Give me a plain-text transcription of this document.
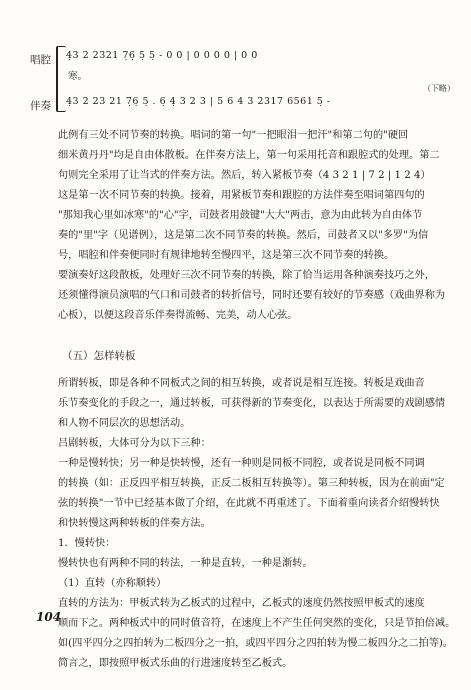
唱腔 4̣3 2 2321 7̣6̣ 5̣ 5̣ - 0 0 | 0 0 0 0 | 0 0
寒。
伴奏 4̣3 2 23 21 7̣6̣ 5̣ . 6̣ 4̣ 3 2 3 | 5 6 4 3 2317 6561 5̣ -
（下略）
此例有三处不同节奏的转换。唱词的第一句"一把眼泪一把汗"和第二句的"硬回
细米黄丹丹"均是自由体散板。在伴奏方法上，第一句采用托音和跟腔式的处理。第二
句则完全采用了让当式的伴奏方法。然后，转入紧板节奏（4 3 2 1 | 7 2 | 1 2 4）
这是第一次不同节奏的转换。接着，用紧板节奏和跟腔的方法伴奏至唱词第四句的
"那知我心里如冰寒"的"心"字，司鼓者用鼓键"大大"两击，意为由此转为自由体节
奏的"里"字（见谱例），这是第二次不同节奏的转换。然后，司鼓者又以"多罗"为信
号，唱腔和伴奏便同时有规律地转至慢四平，这是第三次不同节奏的转换。
要演奏好这段散板，处理好三次不同节奏的转换，除了恰当运用各种演奏技巧之外，
还须懂得演员演唱的气口和司鼓者的转折信号，同时还要有较好的节奏感（戏曲界称为
心板），以便这段音乐伴奏得流畅、完美，动人心弦。
（五）怎样转板
所谓转板，即是各种不同板式之间的相互转换，或者说是相互连接。转板是戏曲音
乐节奏变化的手段之一，通过转板，可获得新的节奏变化，以表达于所需要的戏剧感情
和人物不同层次的思想活动。
吕剧转板，大体可分为以下三种：
一种是慢转快；另一种是快转慢，还有一种则是同板不同腔，或者说是同板不同调
的转换（如：正反四平相互转换，正反二板相互转换等）。第三种转板，因为在前面"定
弦的转换"一节中已经基本做了介绍，在此就不再重述了。下面着重向读者介绍慢转快
和快转慢这两种转板的伴奏方法。
1．慢转快：
慢转快也有两种不同的转法，一种是直转，一种是渐转。
（1）直转（亦称顺转）
直转的方法为：甲板式转为乙板式的过程中，乙板式的速度仍然按照甲板式的速度
顺而下之。两种板式中的同时值音符，在速度上不产生任何突然的变化，只是节拍倍减。
如(四平四分之四拍转为二板四分之一拍，或四平四分之四拍转为慢二板四分之二拍等)。
简言之，即按照甲板式乐曲的行进速度转至乙板式。
104
